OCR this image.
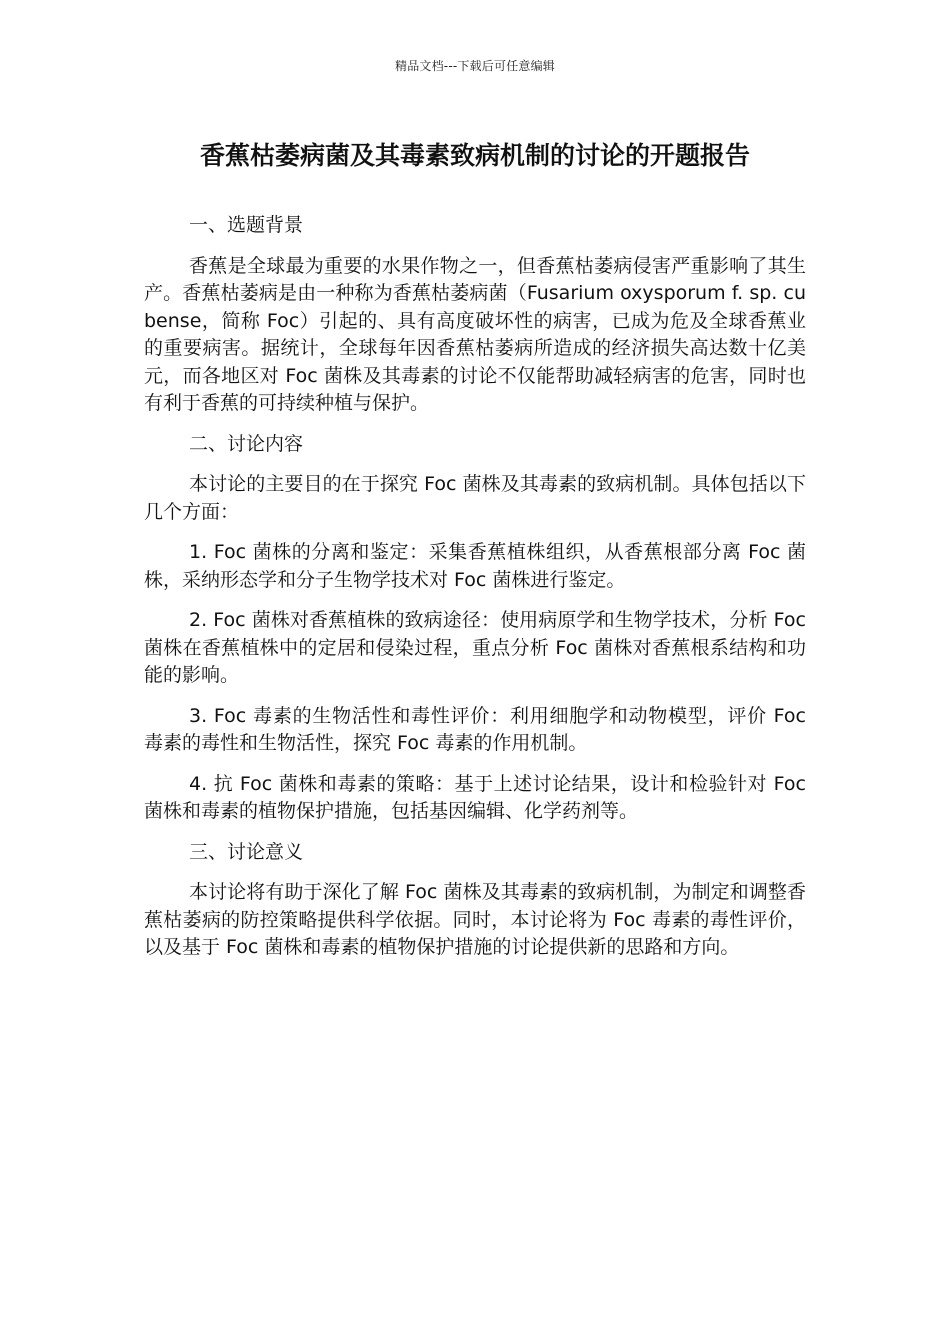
精品文档---下载后可任意编辑
香蕉枯萎病菌及其毒素致病机制的讨论的开题报告

一、选题背景

香蕉是全球最为重要的水果作物之一，但香蕉枯萎病侵害严重影响了其生产。香蕉枯萎病是由一种称为香蕉枯萎病菌（Fusarium oxysporum f. sp. cubense，简称 Foc）引起的、具有高度破坏性的病害，已成为危及全球香蕉业的重要病害。据统计，全球每年因香蕉枯萎病所造成的经济损失高达数十亿美元，而各地区对 Foc 菌株及其毒素的讨论不仅能帮助减轻病害的危害，同时也有利于香蕉的可持续种植与保护。

二、讨论内容

本讨论的主要目的在于探究 Foc 菌株及其毒素的致病机制。具体包括以下几个方面：

1. Foc 菌株的分离和鉴定：采集香蕉植株组织，从香蕉根部分离 Foc 菌株，采纳形态学和分子生物学技术对 Foc 菌株进行鉴定。

2. Foc 菌株对香蕉植株的致病途径：使用病原学和生物学技术，分析 Foc 菌株在香蕉植株中的定居和侵染过程，重点分析 Foc 菌株对香蕉根系结构和功能的影响。

3. Foc 毒素的生物活性和毒性评价：利用细胞学和动物模型，评价 Foc 毒素的毒性和生物活性，探究 Foc 毒素的作用机制。

4. 抗 Foc 菌株和毒素的策略：基于上述讨论结果，设计和检验针对 Foc 菌株和毒素的植物保护措施，包括基因编辑、化学药剂等。

三、讨论意义

本讨论将有助于深化了解 Foc 菌株及其毒素的致病机制，为制定和调整香蕉枯萎病的防控策略提供科学依据。同时，本讨论将为 Foc 毒素的毒性评价，以及基于 Foc 菌株和毒素的植物保护措施的讨论提供新的思路和方向。
